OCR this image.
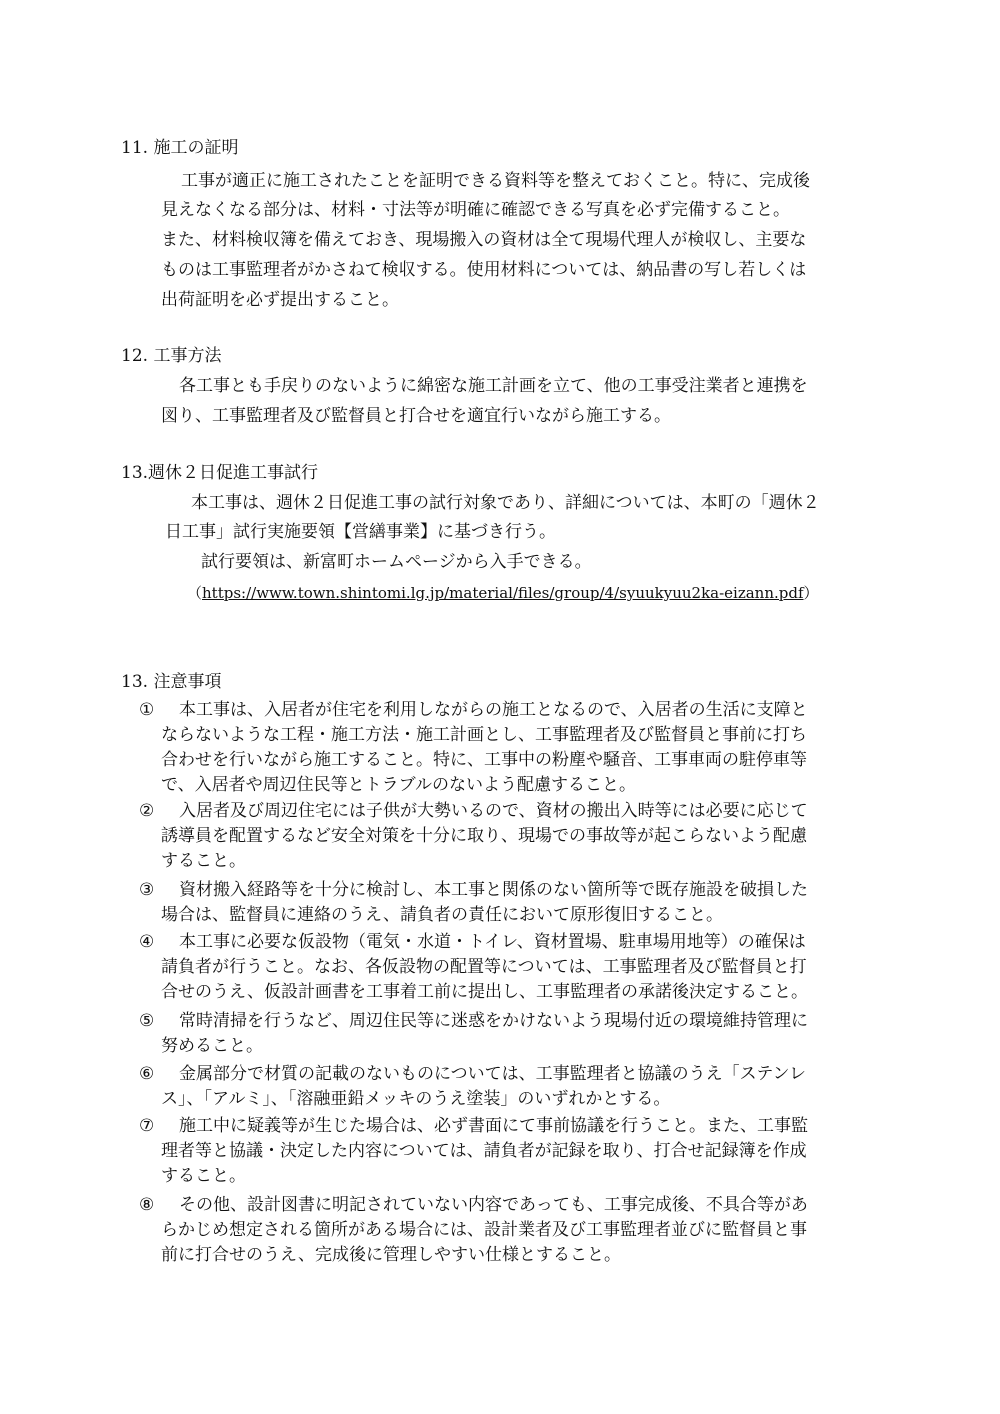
11. 施工の証明
工事が適正に施工されたことを証明できる資料等を整えておくこと。特に、完成後
見えなくなる部分は、材料・寸法等が明確に確認できる写真を必ず完備すること。
また、材料検収簿を備えておき、現場搬入の資材は全て現場代理人が検収し、主要な
ものは工事監理者がかさねて検収する。使用材料については、納品書の写し若しくは
出荷証明を必ず提出すること。
12. 工事方法
各工事とも手戻りのないように綿密な施工計画を立て、他の工事受注業者と連携を
図り、工事監理者及び監督員と打合せを適宜行いながら施工する。
13.週休２日促進工事試行
本工事は、週休２日促進工事の試行対象であり、詳細については、本町の「週休２
日工事」試行実施要領【営繕事業】に基づき行う。
試行要領は、新富町ホームページから入手できる。
（https://www.town.shintomi.lg.jp/material/files/group/4/syuukyuu2ka-eizann.pdf）
13. 注意事項
① 本工事は、入居者が住宅を利用しながらの施工となるので、入居者の生活に支障と
ならないような工程・施工方法・施工計画とし、工事監理者及び監督員と事前に打ち
合わせを行いながら施工すること。特に、工事中の粉塵や騒音、工事車両の駐停車等
で、入居者や周辺住民等とトラブルのないよう配慮すること。
② 入居者及び周辺住宅には子供が大勢いるので、資材の搬出入時等には必要に応じて
誘導員を配置するなど安全対策を十分に取り、現場での事故等が起こらないよう配慮
すること。
③ 資材搬入経路等を十分に検討し、本工事と関係のない箇所等で既存施設を破損した
場合は、監督員に連絡のうえ、請負者の責任において原形復旧すること。
④ 本工事に必要な仮設物（電気・水道・トイレ、資材置場、駐車場用地等）の確保は
請負者が行うこと。なお、各仮設物の配置等については、工事監理者及び監督員と打
合せのうえ、仮設計画書を工事着工前に提出し、工事監理者の承諾後決定すること。
⑤ 常時清掃を行うなど、周辺住民等に迷惑をかけないよう現場付近の環境維持管理に
努めること。
⑥ 金属部分で材質の記載のないものについては、工事監理者と協議のうえ「ステンレ
ス」、「アルミ」、「溶融亜鉛メッキのうえ塗装」のいずれかとする。
⑦ 施工中に疑義等が生じた場合は、必ず書面にて事前協議を行うこと。また、工事監
理者等と協議・決定した内容については、請負者が記録を取り、打合せ記録簿を作成
すること。
⑧ その他、設計図書に明記されていない内容であっても、工事完成後、不具合等があ
らかじめ想定される箇所がある場合には、設計業者及び工事監理者並びに監督員と事
前に打合せのうえ、完成後に管理しやすい仕様とすること。
